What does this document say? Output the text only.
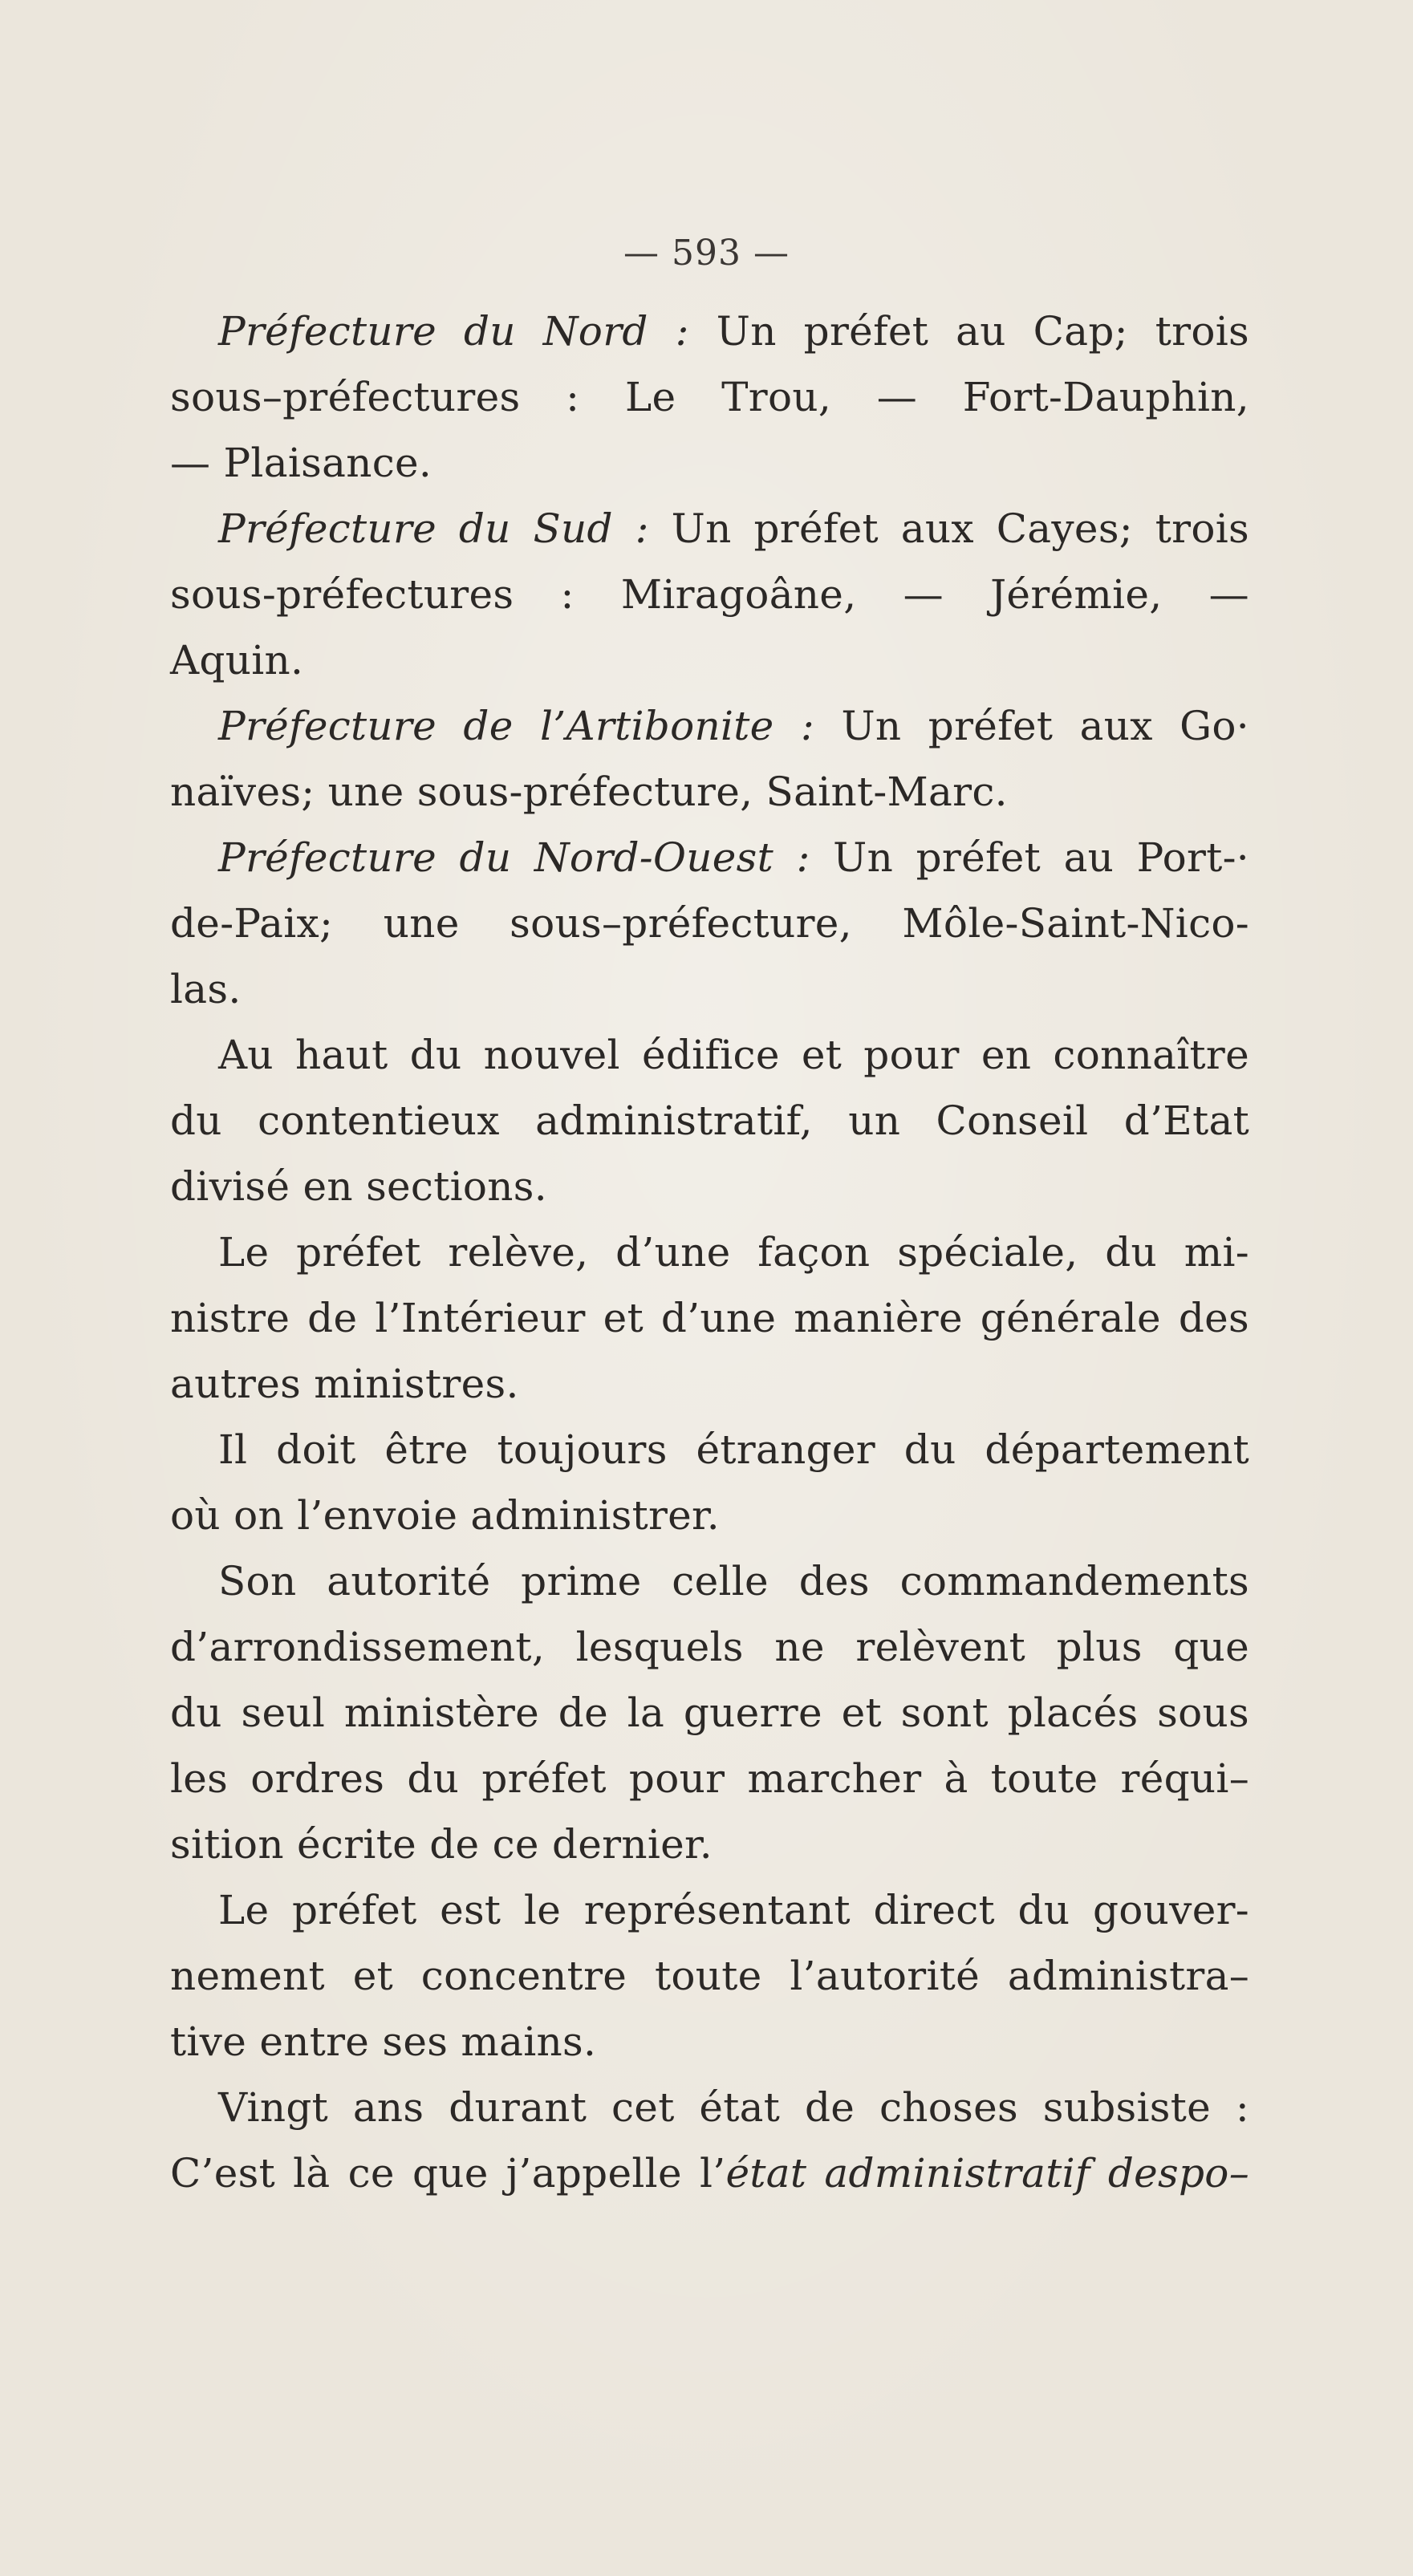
— 593 —
Préfecture du Nord : Un préfet au Cap; trois
sous–préfectures : Le Trou, — Fort-Dauphin,
— Plaisance.
Préfecture du Sud : Un préfet aux Cayes; trois
sous-préfectures : Miragoâne, — Jérémie, —
Aquin.
Préfecture de l’Artibonite : Un préfet aux Go·
naïves; une sous-préfecture, Saint-Marc.
Préfecture du Nord-Ouest : Un préfet au Port-·
de-Paix; une sous–préfecture, Môle-Saint-Nico-
las.
Au haut du nouvel édifice et pour en connaître
du contentieux administratif, un Conseil d’Etat
divisé en sections.
Le préfet relève, d’une façon spéciale, du mi-
nistre de l’Intérieur et d’une manière générale des
autres ministres.
Il doit être toujours étranger du département
où on l’envoie administrer.
Son autorité prime celle des commandements
d’arrondissement, lesquels ne relèvent plus que
du seul ministère de la guerre et sont placés sous
les ordres du préfet pour marcher à toute réqui–
sition écrite de ce dernier.
Le préfet est le représentant direct du gouver-
nement et concentre toute l’autorité administra–
tive entre ses mains.
Vingt ans durant cet état de choses subsiste :
C’est là ce que j’appelle l’état administratif despo–
